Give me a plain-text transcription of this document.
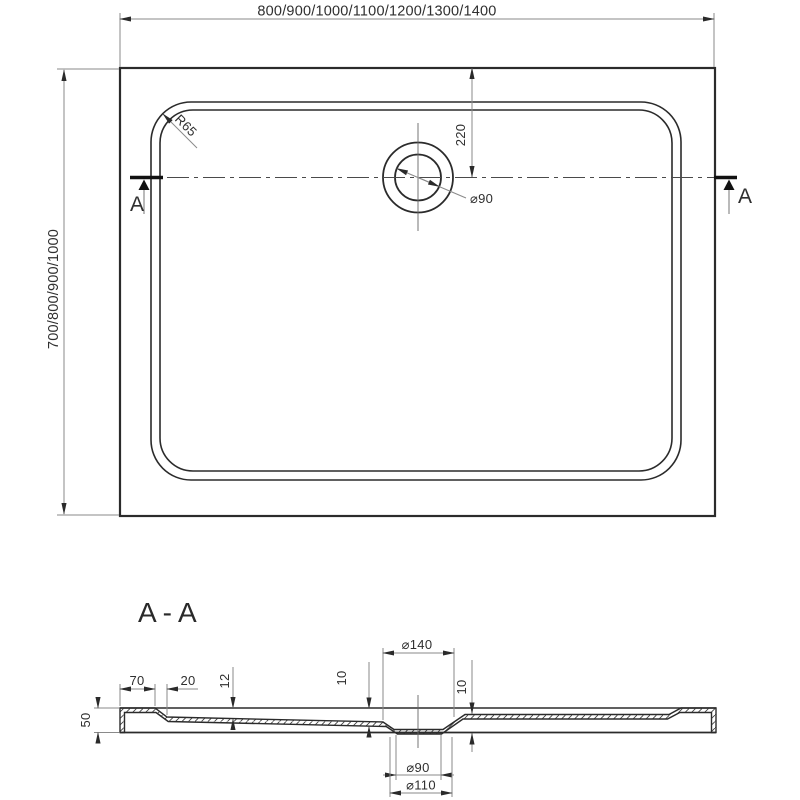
800/900/1000/1100/1200/1300/1400
700/800/900/1000
220
R65
⌀90
A	A
A-A
70	20 12	10
10
50
⌀140
⌀90
⌀110
